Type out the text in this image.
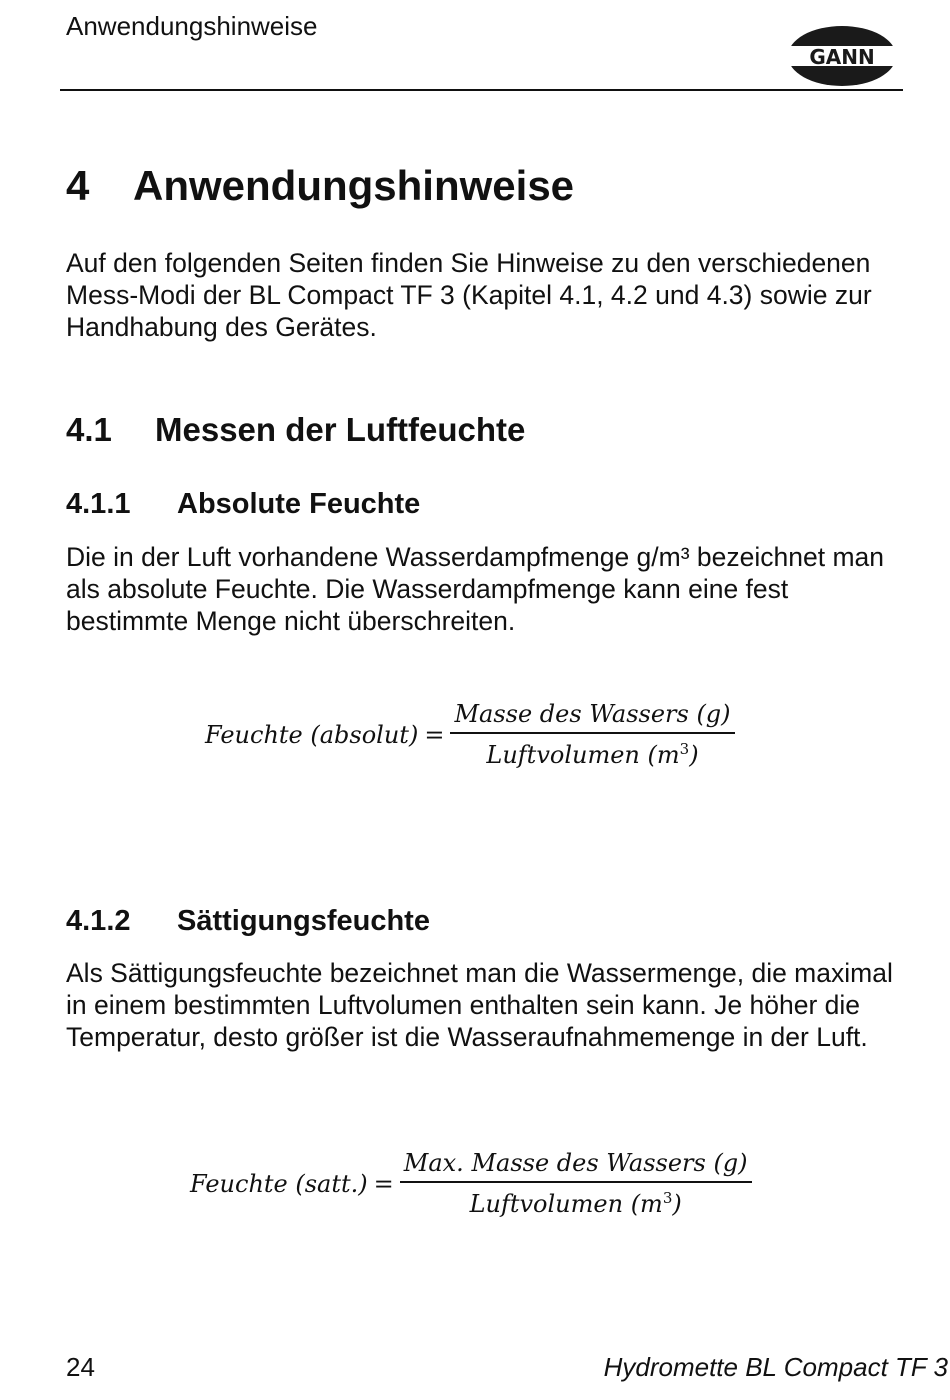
Anwendungshinweise
GANN
4 Anwendungshinweise
Auf den folgenden Seiten finden Sie Hinweise zu den verschiedenen Mess-Modi der BL Compact TF 3 (Kapitel 4.1, 4.2 und 4.3) sowie zur Handhabung des Gerätes.
4.1 Messen der Luftfeuchte
4.1.1 Absolute Feuchte
Die in der Luft vorhandene Wasserdampfmenge g/m³ bezeichnet man als absolute Feuchte. Die Wasserdampfmenge kann eine fest bestimmte Menge nicht überschreiten.
Feuchte (absolut) = $\frac{\text{Masse des Wassers (g)}}{Luftvolumen (m^3)}$
4.1.2 Sättigungsfeuchte
Als Sättigungsfeuchte bezeichnet man die Wassermenge, die maximal in einem bestimmten Luftvolumen enthalten sein kann. Je höher die Temperatur, desto größer ist die Wasseraufnahmemenge in der Luft.
Feuchte (satt.) = $\frac{\text{Max. Masse des Wassers (g)}}{Luftvolumen (m^3)}$
24	Hydromette BL Compact TF 3
